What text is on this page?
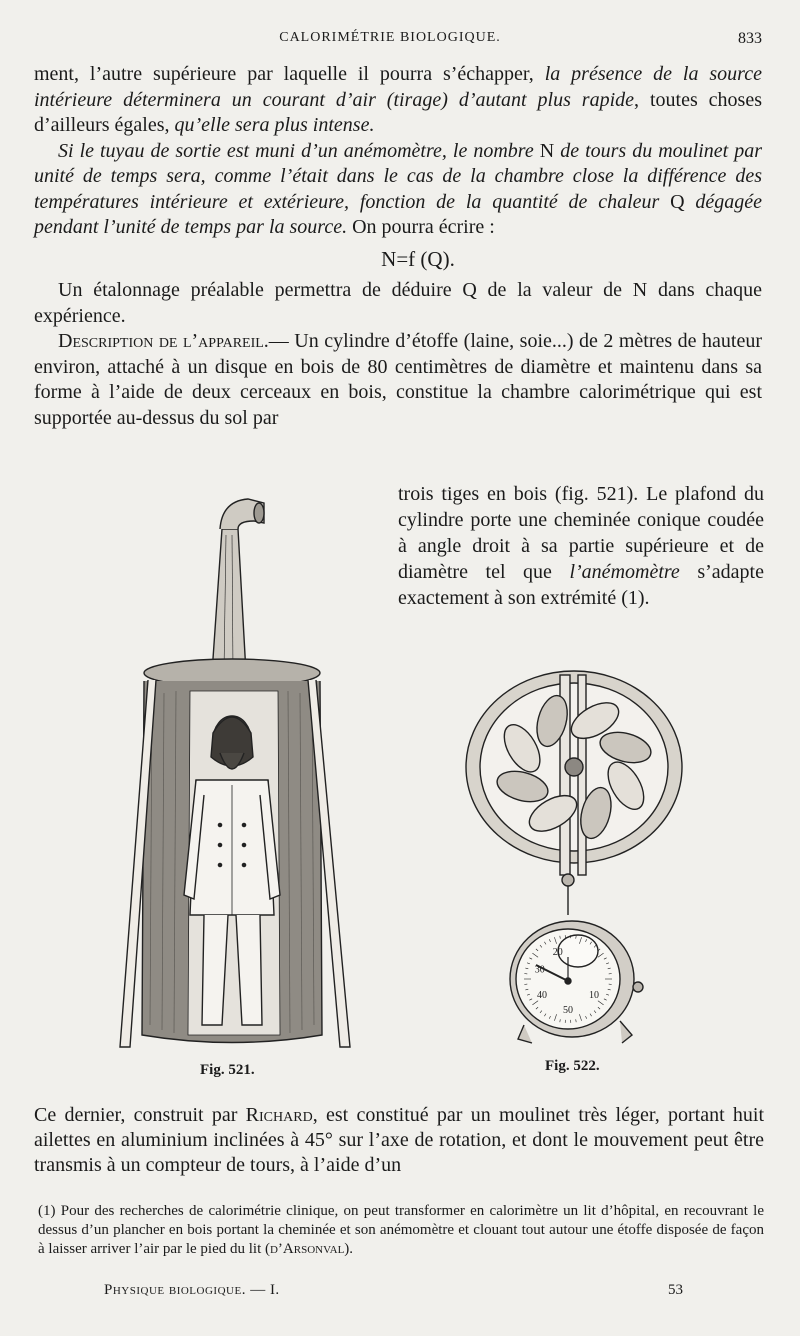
CALORIMÉTRIE BIOLOGIQUE.	833

ment, l’autre supérieure par laquelle il pourra s’échapper, la présence de la source intérieure déterminera un courant d’air (tirage) d’autant plus rapide, toutes choses d’ailleurs égales, qu’elle sera plus intense.

Si le tuyau de sortie est muni d’un anémomètre, le nombre N de tours du moulinet par unité de temps sera, comme l’était dans le cas de la chambre close la différence des températures intérieure et extérieure, fonction de la quantité de chaleur Q dégagée pendant l’unité de temps par la source. On pourra écrire :

N=f (Q).

Un étalonnage préalable permettra de déduire Q de la valeur de N dans chaque expérience.

Description de l’appareil.— Un cylindre d’étoffe (laine, soie...) de 2 mètres de hauteur environ, attaché à un disque en bois de 80 centimètres de diamètre et maintenu dans sa forme à l’aide de deux cerceaux en bois, constitue la chambre calorimétrique qui est supportée au-dessus du sol par

trois tiges en bois (fig. 521). Le plafond du cylindre porte une cheminée conique coudée à angle droit à sa partie supérieure et de diamètre tel que l’anémomètre s’adapte exactement à son extrémité (1).
Fig. 521.
50
40
30
20
10
Fig. 522.
Ce dernier, construit par Richard, est constitué par un moulinet très léger, portant huit ailettes en aluminium inclinées à 45° sur l’axe de rotation, et dont le mouvement peut être transmis à un compteur de tours, à l’aide d’un
(1) Pour des recherches de calorimétrie clinique, on peut transformer en calorimètre un lit d’hôpital, en recouvrant le dessus d’un plancher en bois portant la cheminée et son anémomètre et clouant tout autour une étoffe disposée de façon à laisser arriver l’air par le pied du lit (d’Arsonval).
Physique biologique. — I.	53
